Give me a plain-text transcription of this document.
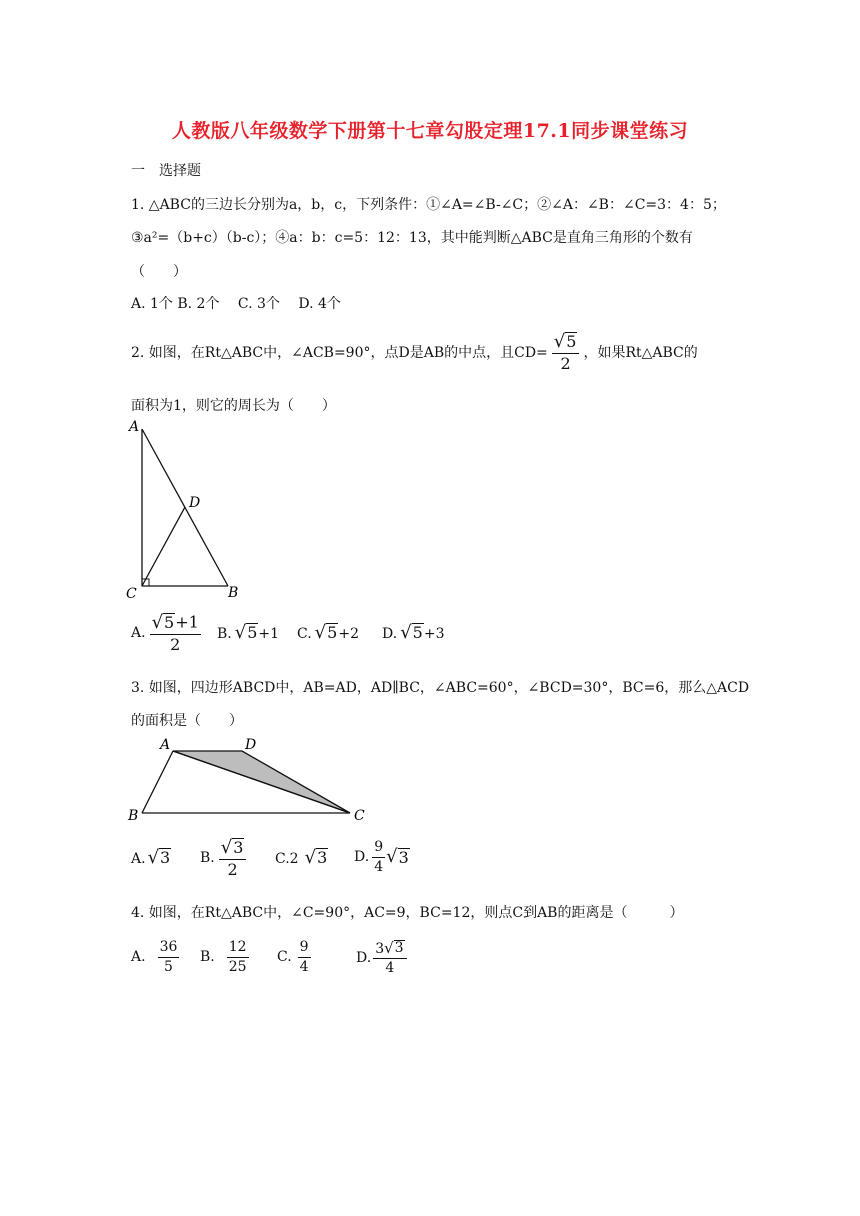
人教版八年级数学下册第十七章勾股定理17.1同步课堂练习
一　选择题
1. △ABC的三边长分别为a，b，c，下列条件：①∠A=∠B-∠C；②∠A：∠B：∠C=3：4：5；
③a²=（b+c）（b-c）；④a：b：c=5：12：13，其中能判断△ABC是直角三角形的个数有
（　　）
A. 1个 B. 2个　 C. 3个　 D. 4个
2. 如图，在Rt△ABC中，∠ACB=90°，点D是AB的中点，且$CD= \frac{√ 5}{2}$ ，如果Rt△ABC的
面积为1，则它的周长为（　　）
A
D
C	B
A. $\frac{√ 5 +1}{2} B$. √ 5 +1 C. √ 5 +2 D. √ 5 +3
3. 如图，四边形ABCD中，AB=AD，AD∥BC，∠ABC=60°，∠BCD=30°，BC=6，那么△ACD
的面积是（　　）
A	D
B	C
A. √ 3 B. $\frac{√ 3}{2} C.2$ √ 3 D. $\frac{9}{4}$ √ 3
4. 如图，在Rt△ABC中，∠C=90°，AC=9，BC=12，则点C到AB的距离是（　　　）
A. $\frac{36}{5} B$. $\frac{12}{25} C$. $\frac{9}{4}$	D. $\frac{3 √ 3}{4}$
